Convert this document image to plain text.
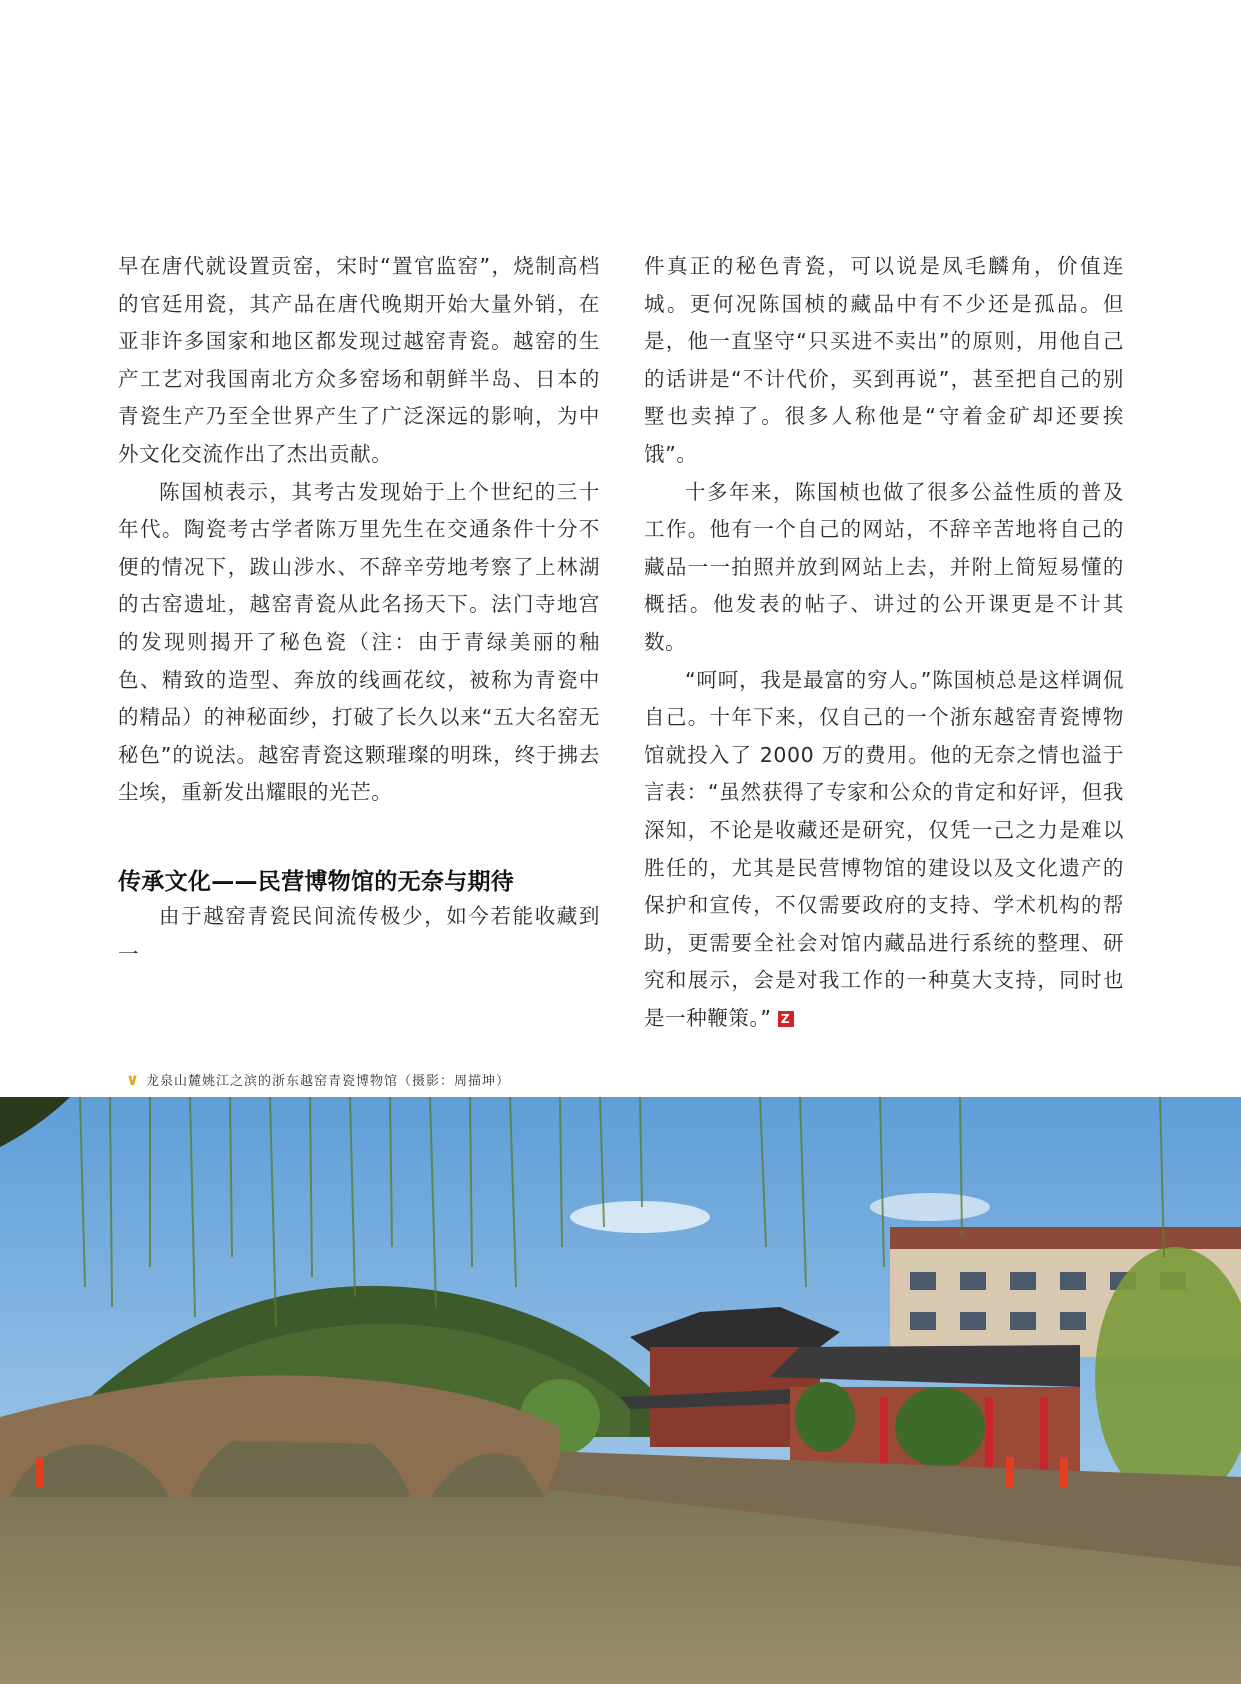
早在唐代就设置贡窑，宋时“置官监窑”，烧制高档的官廷用瓷，其产品在唐代晚期开始大量外销，在亚非许多国家和地区都发现过越窑青瓷。越窑的生产工艺对我国南北方众多窑场和朝鲜半岛、日本的青瓷生产乃至全世界产生了广泛深远的影响，为中外文化交流作出了杰出贡献。

陈国桢表示，其考古发现始于上个世纪的三十年代。陶瓷考古学者陈万里先生在交通条件十分不便的情况下，跋山涉水、不辞辛劳地考察了上林湖的古窑遗址，越窑青瓷从此名扬天下。法门寺地宫的发现则揭开了秘色瓷（注：由于青绿美丽的釉色、精致的造型、奔放的线画花纹，被称为青瓷中的精品）的神秘面纱，打破了长久以来“五大名窑无秘色”的说法。越窑青瓷这颗璀璨的明珠，终于拂去尘埃，重新发出耀眼的光芒。

传承文化——民营博物馆的无奈与期待

由于越窑青瓷民间流传极少，如今若能收藏到一

件真正的秘色青瓷，可以说是凤毛麟角，价值连城。更何况陈国桢的藏品中有不少还是孤品。但是，他一直坚守“只买进不卖出”的原则，用他自己的话讲是“不计代价，买到再说”，甚至把自己的别墅也卖掉了。很多人称他是“守着金矿却还要挨饿”。

十多年来，陈国桢也做了很多公益性质的普及工作。他有一个自己的网站，不辞辛苦地将自己的藏品一一拍照并放到网站上去，并附上简短易懂的概括。他发表的帖子、讲过的公开课更是不计其数。

“呵呵，我是最富的穷人。”陈国桢总是这样调侃自己。十年下来，仅自己的一个浙东越窑青瓷博物馆就投入了 2000 万的费用。他的无奈之情也溢于言表：“虽然获得了专家和公众的肯定和好评，但我深知，不论是收藏还是研究，仅凭一己之力是难以胜任的，尤其是民营博物馆的建设以及文化遗产的保护和宣传，不仅需要政府的支持、学术机构的帮助，更需要全社会对馆内藏品进行系统的整理、研究和展示，会是对我工作的一种莫大支持，同时也是一种鞭策。” Z

∨ 龙泉山麓姚江之滨的浙东越窑青瓷博物馆（摄影：周描坤）
